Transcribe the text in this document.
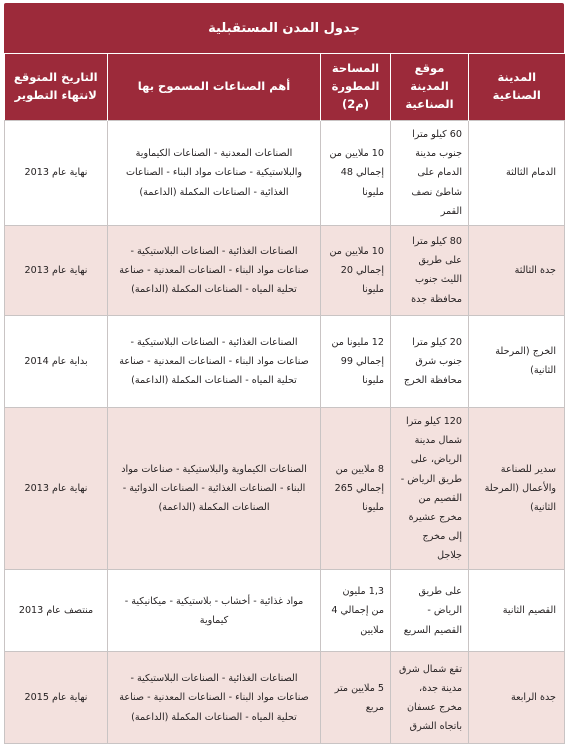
جدول المدن المستقبلية
المدينة الصناعية	موقع المدينة الصناعية	المساحة المطورة (م2)	أهم الصناعات المسموح بها	التاريخ المتوقع لانتهاء التطوير
الدمام الثالثة	60 كيلو مترا جنوب مدينة الدمام على شاطئ نصف القمر	10 ملايين من إجمالي 48 مليونا	الصناعات المعدنية - الصناعات الكيماوية والبلاستيكية - صناعات مواد البناء - الصناعات الغذائية - الصناعات المكملة (الداعمة)	نهاية عام 2013
جدة الثالثة	80 كيلو مترا على طريق الليث جنوب محافظة جدة	10 ملايين من إجمالي 20 مليونا	الصناعات الغذائية - الصناعات البلاستيكية - صناعات مواد البناء - الصناعات المعدنية - صناعة تحلية المياه - الصناعات المكملة (الداعمة)	نهاية عام 2013
الخرج (المرحلة الثانية)	20 كيلو مترا جنوب شرق محافظة الخرج	12 مليونا من إجمالي 99 مليونا	الصناعات الغذائية - الصناعات البلاستيكية - صناعات مواد البناء - الصناعات المعدنية - صناعة تحلية المياه - الصناعات المكملة (الداعمة)	بداية عام 2014
سدير للصناعة والأعمال (المرحلة الثانية)	120 كيلو مترا شمال مدينة الرياض، على طريق الرياض - القصيم من مخرج عشيرة إلى مخرج جلاجل	8 ملايين من إجمالي 265 مليونا	الصناعات الكيماوية والبلاستيكية - صناعات مواد البناء - الصناعات الغذائية - الصناعات الدوائية - الصناعات المكملة (الداعمة)	نهاية عام 2013
القصيم الثانية	على طريق الرياض - القصيم السريع	1,3 مليون من إجمالي 4 ملايين	مواد غذائية - أخشاب - بلاستيكية - ميكانيكية - كيماوية	منتصف عام 2013
جدة الرابعة	تقع شمال شرق مدينة جدة، مخرج عسفان باتجاه الشرق	5 ملايين متر مربع	الصناعات الغذائية - الصناعات البلاستيكية - صناعات مواد البناء - الصناعات المعدنية - صناعة تحلية المياه - الصناعات المكملة (الداعمة)	نهاية عام 2015
